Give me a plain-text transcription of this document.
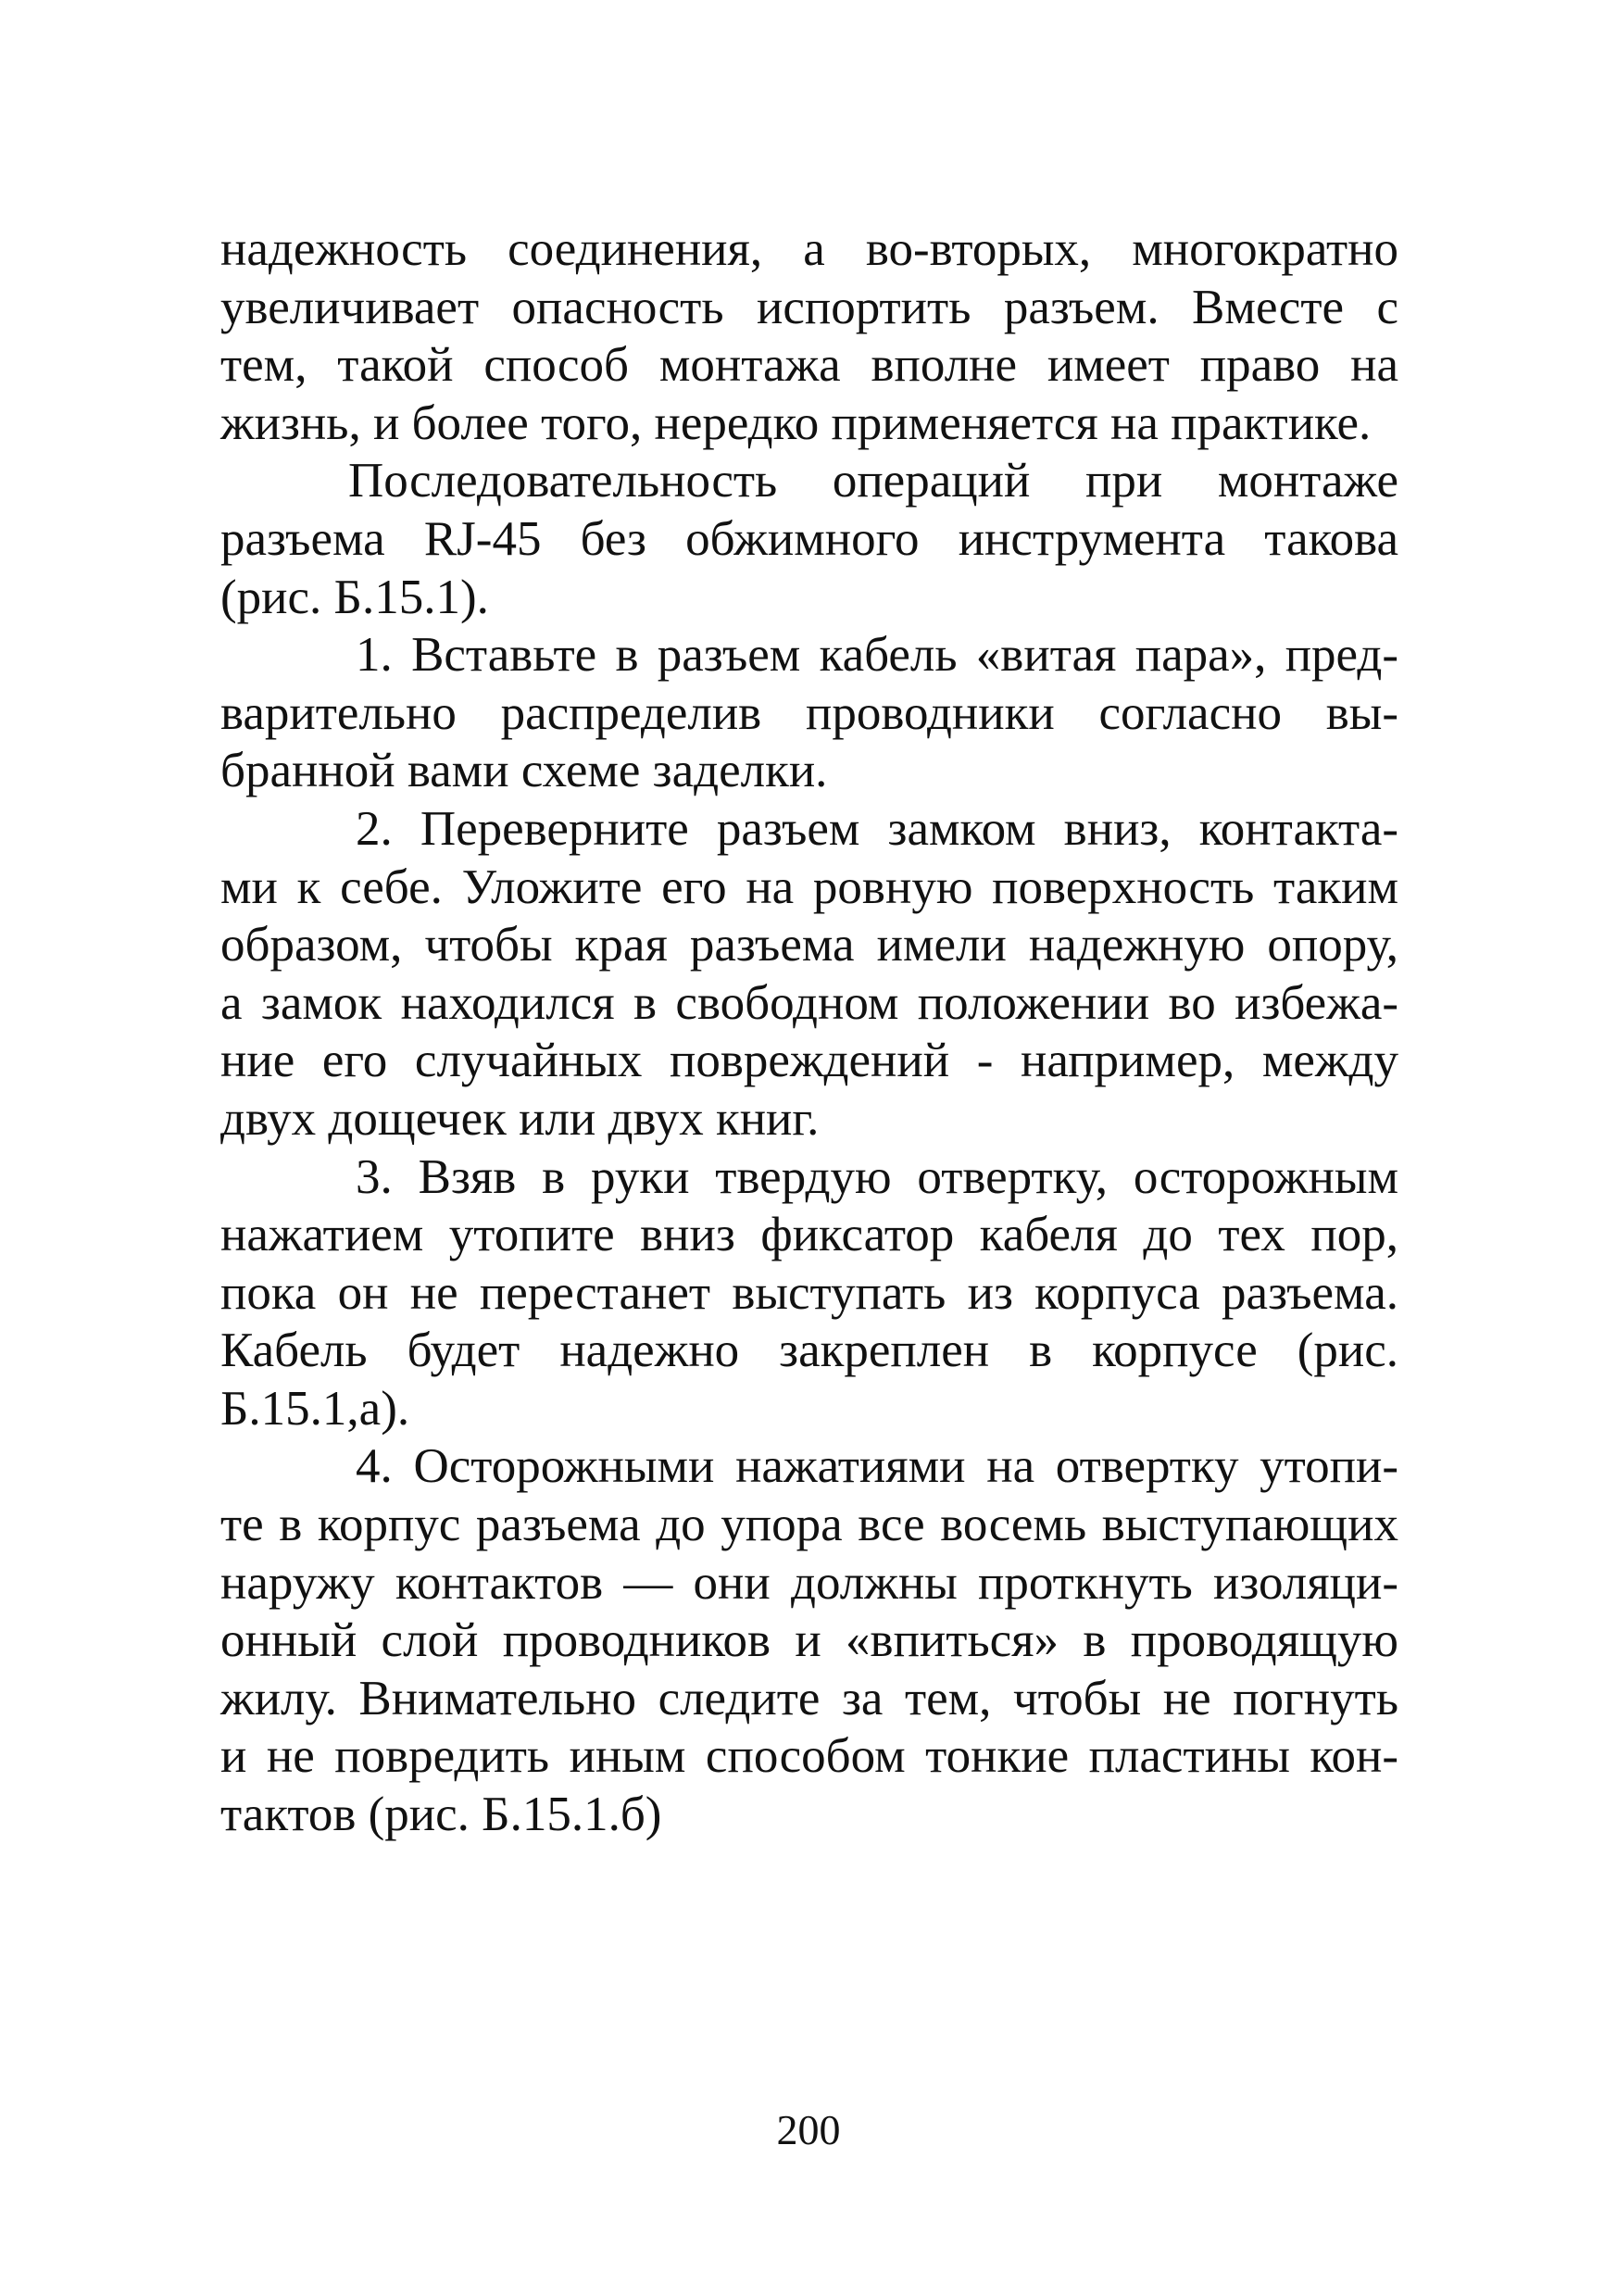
надежность соединения, а во-вторых, многократно
увеличивает опасность испортить разъем. Вместе с
тем, такой способ монтажа вполне имеет право на
жизнь, и более того, нередко применяется на практике.
Последовательность операций при монтаже
разъема RJ-45 без обжимного инструмента такова
(рис. Б.15.1).
1. Вставьте в разъем кабель «витая пара», пред-
варительно распределив проводники согласно вы-
бранной вами схеме заделки.
2. Переверните разъем замком вниз, контакта-
ми к себе. Уложите его на ровную поверхность таким
образом, чтобы края разъема имели надежную опору,
а замок находился в свободном положении во избежа-
ние его случайных повреждений - например, между
двух дощечек или двух книг.
3. Взяв в руки твердую отвертку, осторожным
нажатием утопите вниз фиксатор кабеля до тех пор,
пока он не перестанет выступать из корпуса разъема.
Кабель будет надежно закреплен в корпусе (рис.
Б.15.1,а).
4. Осторожными нажатиями на отвертку утопи-
те в корпус разъема до упора все восемь выступающих
наружу контактов — они должны проткнуть изоляци-
онный слой проводников и «впиться» в проводящую
жилу. Внимательно следите за тем, чтобы не погнуть
и не повредить иным способом тонкие пластины кон-
тактов (рис. Б.15.1.б)
200
